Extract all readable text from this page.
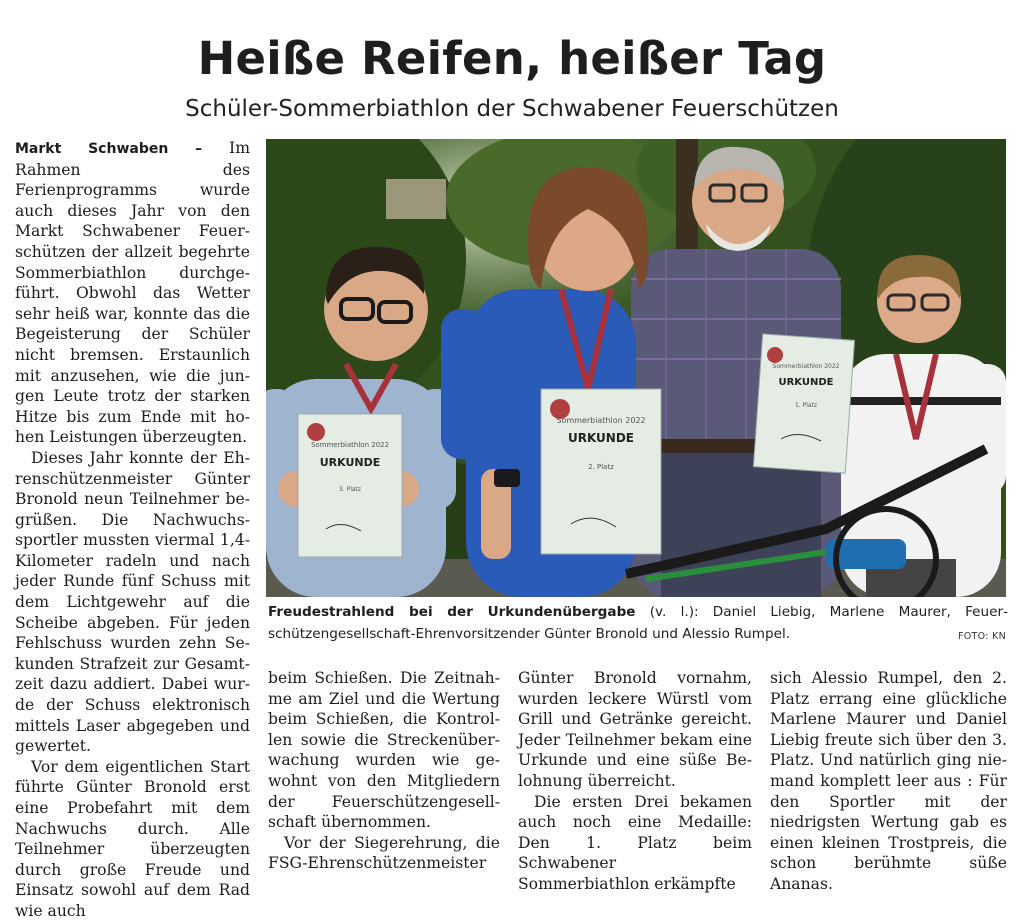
Heiße Reifen, heißer Tag
Schüler-Sommerbiathlon der Schwabener Feuerschützen

Markt Schwaben – Im Rahmen des Ferienprogramms wurde auch dieses Jahr von den Markt Schwabener Feuerschützen der allzeit begehrte Sommerbiathlon durchgeführt. Obwohl das Wetter sehr heiß war, konnte das die Begeisterung der Schüler nicht bremsen. Erstaunlich mit anzusehen, wie die jungen Leute trotz der starken Hitze bis zum Ende mit hohen Leistungen überzeugten.

Dieses Jahr konnte der Ehrenschützenmeister Günter Bronold neun Teilnehmer begrüßen. Die Nachwuchssportler mussten viermal 1,4-Kilometer radeln und nach jeder Runde fünf Schuss mit dem Lichtgewehr auf die Scheibe abgeben. Für jeden Fehlschuss wurden zehn Sekunden Strafzeit zur Gesamtzeit dazu addiert. Dabei wurde der Schuss elektronisch mittels Laser abgegeben und gewertet.

Vor dem eigentlichen Start führte Günter Bronold erst eine Probefahrt mit dem Nachwuchs durch. Alle Teilnehmer überzeugten durch große Freude und Einsatz sowohl auf dem Rad wie auch

Sommerbiathlon 2022
URKUNDE
3. Platz
Sommerbiathlon 2022
URKUNDE
2. Platz
Sommerbiathlon 2022
URKUNDE
1. Platz
Freudestrahlend bei der Urkundenübergabe (v. l.): Daniel Liebig, Marlene Maurer, Feuerschützengesellschaft-Ehrenvorsitzender Günter Bronold und Alessio Rumpel.	FOTO: KN

beim Schießen. Die Zeitnahme am Ziel und die Wertung beim Schießen, die Kontrollen sowie die Streckenüberwachung wurden wie gewohnt von den Mitgliedern der Feuerschützengesellschaft übernommen.

Vor der Siegerehrung, die FSG-Ehrenschützenmeister

Günter Bronold vornahm, wurden leckere Würstl vom Grill und Getränke gereicht. Jeder Teilnehmer bekam eine Urkunde und eine süße Belohnung überreicht.

Die ersten Drei bekamen auch noch eine Medaille: Den 1. Platz beim Schwabener Sommerbiathlon erkämpfte

sich Alessio Rumpel, den 2. Platz errang eine glückliche Marlene Maurer und Daniel Liebig freute sich über den 3. Platz. Und natürlich ging niemand komplett leer aus : Für den Sportler mit der niedrigsten Wertung gab es einen kleinen Trostpreis, die schon berühmte süße Ananas.
